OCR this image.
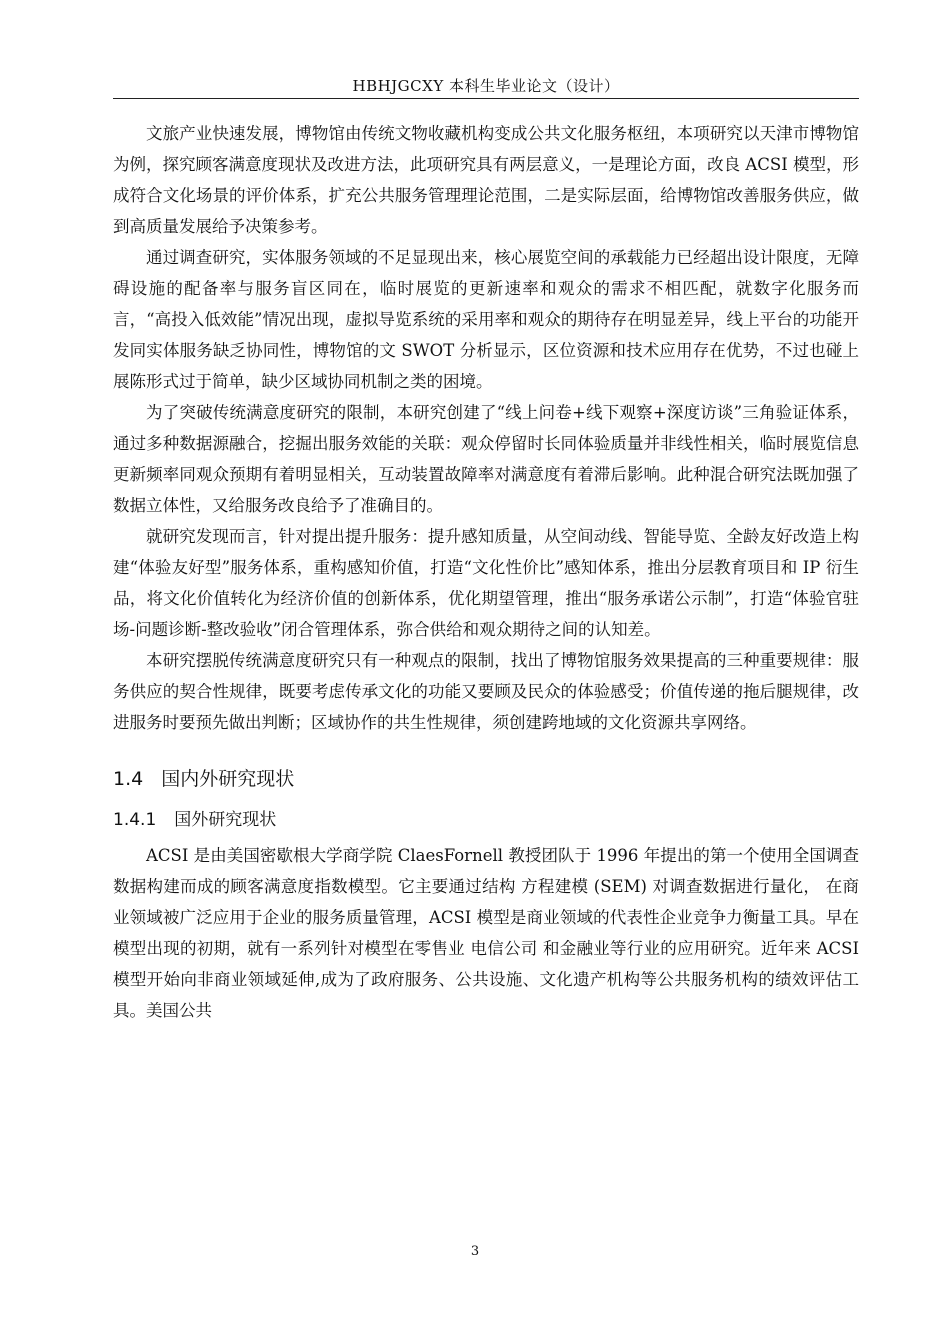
HBHJGCXY 本科生毕业论文（设计）

文旅产业快速发展，博物馆由传统文物收藏机构变成公共文化服务枢纽，本项研究以天津市博物馆为例，探究顾客满意度现状及改进方法，此项研究具有两层意义，一是理论方面，改良 ACSI 模型，形成符合文化场景的评价体系，扩充公共服务管理理论范围，二是实际层面，给博物馆改善服务供应，做到高质量发展给予决策参考。

通过调查研究，实体服务领域的不足显现出来，核心展览空间的承载能力已经超出设计限度，无障碍设施的配备率与服务盲区同在，临时展览的更新速率和观众的需求不相匹配，就数字化服务而言，“高投入低效能”情况出现，虚拟导览系统的采用率和观众的期待存在明显差异，线上平台的功能开发同实体服务缺乏协同性，博物馆的文 SWOT 分析显示，区位资源和技术应用存在优势，不过也碰上展陈形式过于简单，缺少区域协同机制之类的困境。

为了突破传统满意度研究的限制，本研究创建了“线上问卷+线下观察+深度访谈”三角验证体系，通过多种数据源融合，挖掘出服务效能的关联：观众停留时长同体验质量并非线性相关，临时展览信息更新频率同观众预期有着明显相关，互动装置故障率对满意度有着滞后影响。此种混合研究法既加强了数据立体性，又给服务改良给予了准确目的。

就研究发现而言，针对提出提升服务：提升感知质量，从空间动线、智能导览、全龄友好改造上构建“体验友好型”服务体系，重构感知价值，打造“文化性价比”感知体系，推出分层教育项目和 IP 衍生品，将文化价值转化为经济价值的创新体系，优化期望管理，推出“服务承诺公示制”，打造“体验官驻场-问题诊断-整改验收”闭合管理体系，弥合供给和观众期待之间的认知差。

本研究摆脱传统满意度研究只有一种观点的限制，找出了博物馆服务效果提高的三种重要规律：服务供应的契合性规律，既要考虑传承文化的功能又要顾及民众的体验感受；价值传递的拖后腿规律，改进服务时要预先做出判断；区域协作的共生性规律，须创建跨地域的文化资源共享网络。

1.4 国内外研究现状
1.4.1 国外研究现状

ACSI 是由美国密歇根大学商学院 ClaesFornell 教授团队于 1996 年提出的第一个使用全国调查数据构建而成的顾客满意度指数模型。它主要通过结构 方程建模 (SEM) 对调查数据进行量化， 在商业领域被广泛应用于企业的服务质量管理，ACSI 模型是商业领域的代表性企业竞争力衡量工具。早在模型出现的初期，就有一系列针对模型在零售业 电信公司 和金融业等行业的应用研究。近年来 ACSI 模型开始向非商业领域延伸,成为了政府服务、公共设施、文化遗产机构等公共服务机构的绩效评估工具。美国公共

3
